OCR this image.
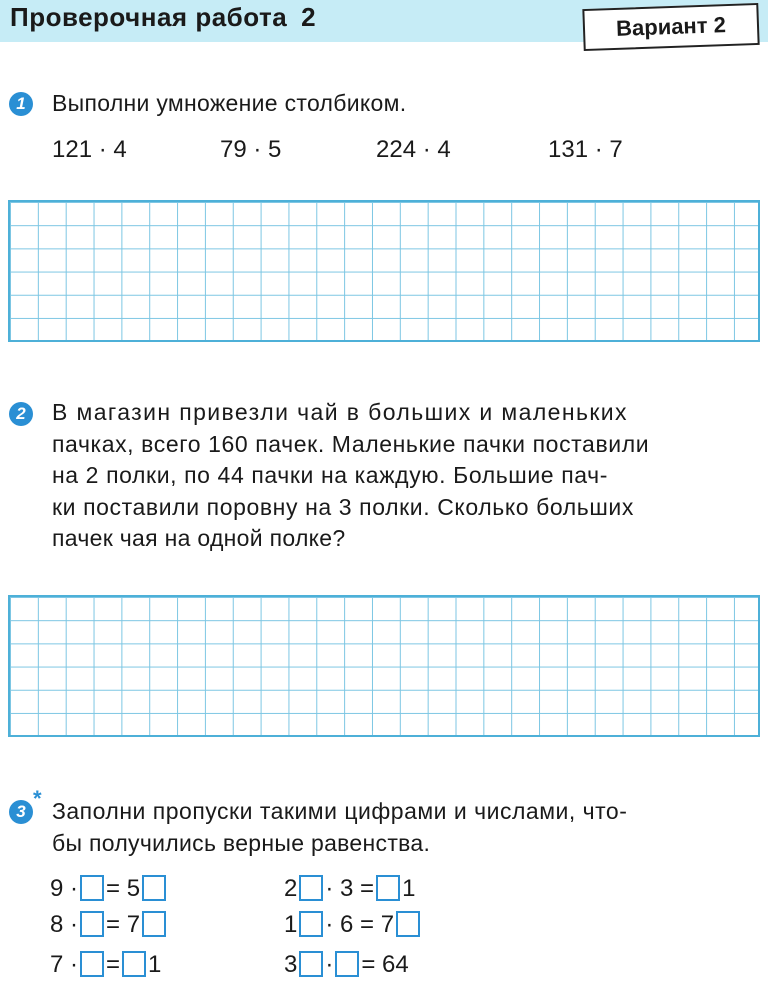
Проверочная работа 2	Вариант 2
1	Выполни умножение столбиком.
121 · 4	79 · 5	224 · 4	131 · 7
2	В магазин привезли чай в больших и маленьких
пачках, всего 160 пачек. Маленькие пачки поставили
на 2 полки, по 44 пачки на каждую. Большие пач-
ки поставили поровну на 3 полки. Сколько больших
пачек чая на одной полке?
3
* Заполни пропуски такими цифрами и числами, что-
бы получились верные равенства.
9 · = 5
8 · = 7
7 · = 1
2 · 3 = 1
1 · 6 = 7
3 · = 64
